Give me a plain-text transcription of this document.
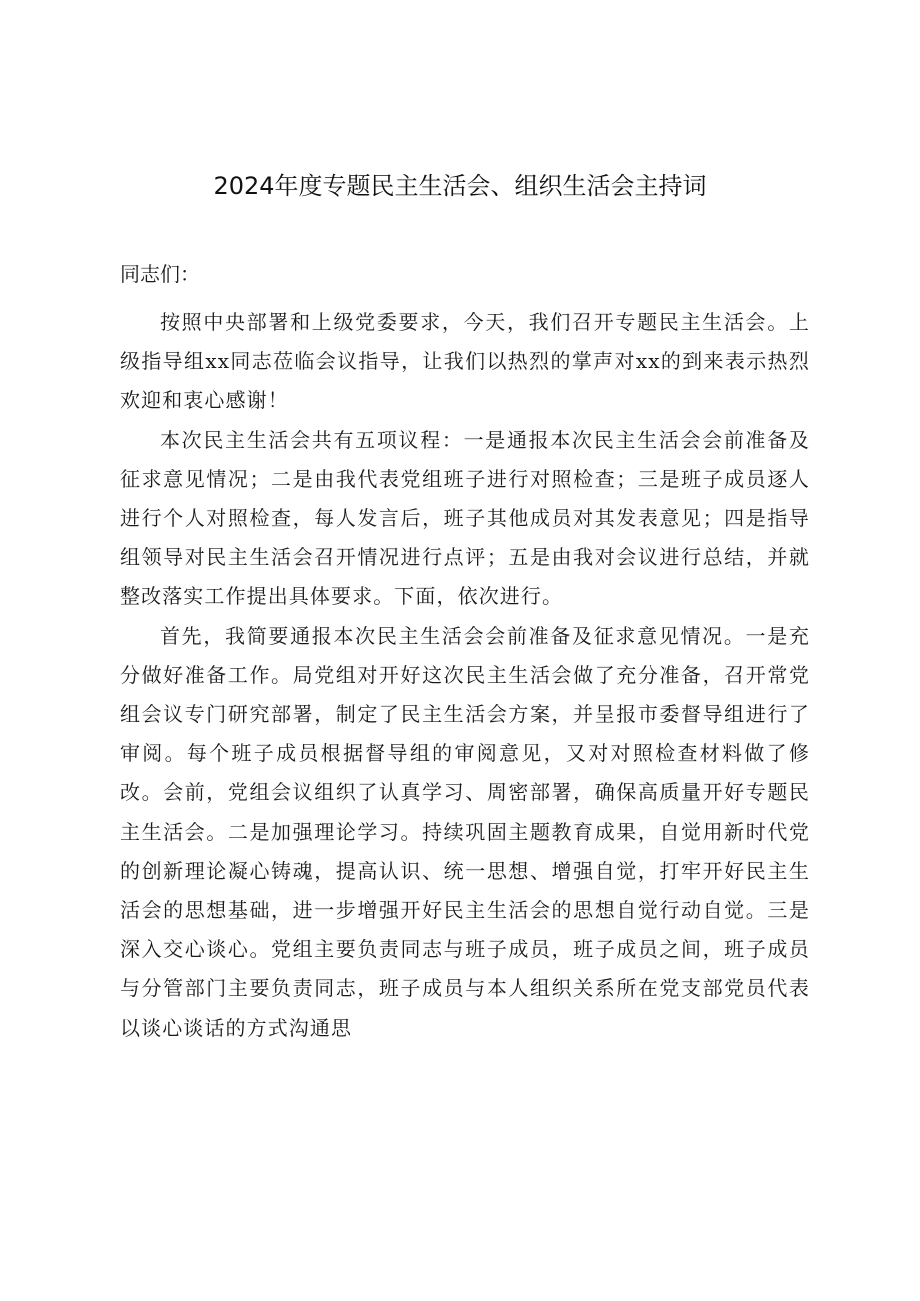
2024年度专题民主生活会、组织生活会主持词

同志们：

按照中央部署和上级党委要求，今天，我们召开专题民主生活会。上级指导组xx同志莅临会议指导，让我们以热烈的掌声对xx的到来表示热烈欢迎和衷心感谢！

本次民主生活会共有五项议程：一是通报本次民主生活会会前准备及征求意见情况；二是由我代表党组班子进行对照检查；三是班子成员逐人进行个人对照检查，每人发言后，班子其他成员对其发表意见；四是指导组领导对民主生活会召开情况进行点评；五是由我对会议进行总结，并就整改落实工作提出具体要求。下面，依次进行。

首先，我简要通报本次民主生活会会前准备及征求意见情况。一是充分做好准备工作。局党组对开好这次民主生活会做了充分准备，召开常党组会议专门研究部署，制定了民主生活会方案，并呈报市委督导组进行了审阅。每个班子成员根据督导组的审阅意见，又对对照检查材料做了修改。会前，党组会议组织了认真学习、周密部署，确保高质量开好专题民主生活会。二是加强理论学习。持续巩固主题教育成果，自觉用新时代党的创新理论凝心铸魂，提高认识、统一思想、增强自觉，打牢开好民主生活会的思想基础，进一步增强开好民主生活会的思想自觉行动自觉。三是深入交心谈心。党组主要负责同志与班子成员，班子成员之间，班子成员与分管部门主要负责同志，班子成员与本人组织关系所在党支部党员代表以谈心谈话的方式沟通思
